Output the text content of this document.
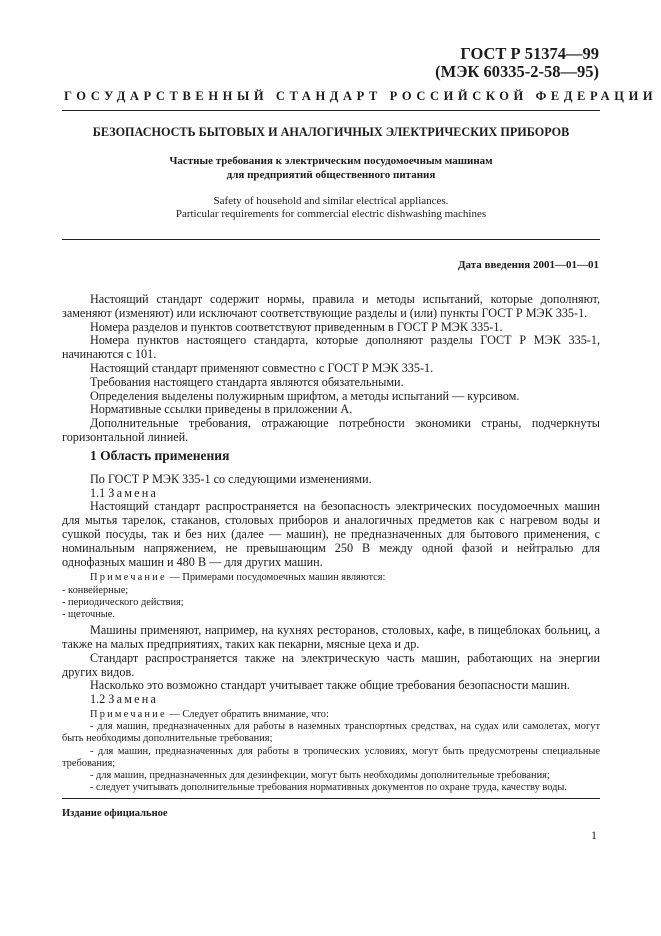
ГОСТ Р 51374—99
(МЭК 60335-2-58—95)
ГОСУДАРСТВЕННЫЙ СТАНДАРТ РОССИЙСКОЙ ФЕДЕРАЦИИ
БЕЗОПАСНОСТЬ БЫТОВЫХ И АНАЛОГИЧНЫХ ЭЛЕКТРИЧЕСКИХ ПРИБОРОВ
Частные требования к электрическим посудомоечным машинам
для предприятий общественного питания
Safety of household and similar electrical appliances.
Particular requirements for commercial electric dishwashing machines
Дата введения 2001—01—01

Настоящий стандарт содержит нормы, правила и методы испытаний, которые дополняют, заменяют (изменяют) или исключают соответствующие разделы и (или) пункты ГОСТ Р МЭК 335-1.

Номера разделов и пунктов соответствуют приведенным в ГОСТ Р МЭК 335-1.

Номера пунктов настоящего стандарта, которые дополняют разделы ГОСТ Р МЭК 335-1, начинаются с 101.

Настоящий стандарт применяют совместно с ГОСТ Р МЭК 335-1.

Требования настоящего стандарта являются обязательными.

Определения выделены полужирным шрифтом, а методы испытаний — курсивом.

Нормативные ссылки приведены в приложении А.

Дополнительные требования, отражающие потребности экономики страны, подчеркнуты горизонтальной линией.

1 Область применения

По ГОСТ Р МЭК 335-1 со следующими изменениями.

1.1 Замена

Настоящий стандарт распространяется на безопасность электрических посудомоечных машин для мытья тарелок, стаканов, столовых приборов и аналогичных предметов как с нагревом воды и сушкой посуды, так и без них (далее — машин), не предназначенных для бытового применения, с номинальным напряжением, не превышающим 250 В между одной фазой и нейтралью для однофазных машин и 480 В — для других машин.

Примечание — Примерами посудомоечных машин являются:

- конвейерные;

- периодического действия;

- щеточные.

Машины применяют, например, на кухнях ресторанов, столовых, кафе, в пищеблоках больниц, а также на малых предприятиях, таких как пекарни, мясные цеха и др.

Стандарт распространяется также на электрическую часть машин, работающих на энергии других видов.

Насколько это возможно стандарт учитывает также общие требования безопасности машин.

1.2 Замена

Примечание — Следует обратить внимание, что:

- для машин, предназначенных для работы в наземных транспортных средствах, на судах или самолетах, могут быть необходимы дополнительные требования;

- для машин, предназначенных для работы в тропических условиях, могут быть предусмотрены специальные требования;

- для машин, предназначенных для дезинфекции, могут быть необходимы дополнительные требования;

- следует учитывать дополнительные требования нормативных документов по охране труда, качеству воды.

Издание официальное
1
